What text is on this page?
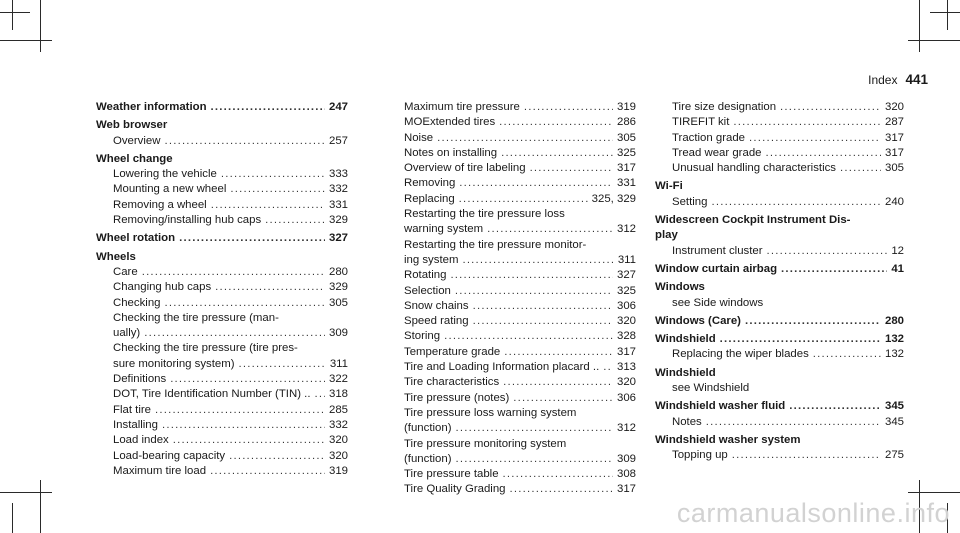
Index 441
Weather information .....	247
Web browser
Overview .....	257
Wheel change
Lowering the vehicle .....	333
Mounting a new wheel .....	332
Removing a wheel .....	331
Removing/installing hub caps .....	329
Wheel rotation .....	327
Wheels
Care .....	280
Changing hub caps .....	329
Checking .....	305
Checking the tire pressure (man-
ually) .....	309
Checking the tire pressure (tire pres-
sure monitoring system) .....	311
Definitions .....	322
DOT, Tire Identification Number (TIN) .. ..... 318
Flat tire .....	285
Installing .....	332
Load index .....	320
Load-bearing capacity .....	320
Maximum tire load .....	319
Maximum tire pressure .....	319
MOExtended tires .....	286
Noise .....	305
Notes on installing .....	325
Overview of tire labeling .....	317
Removing .....	331
Replacing .....	325, 329
Restarting the tire pressure loss
warning system .....	312
Restarting the tire pressure monitor-
ing system .....	311
Rotating .....	327
Selection .....	325
Snow chains .....	306
Speed rating .....	320
Storing .....	328
Temperature grade .....	317
Tire and Loading Information placard .. ..... 313
Tire characteristics .....	320
Tire pressure (notes) .....	306
Tire pressure loss warning system
(function) .....	312
Tire pressure monitoring system
(function) .....	309
Tire pressure table .....	308
Tire Quality Grading .....	317
Tire size designation .....	320
TIREFIT kit .....	287
Traction grade .....	317
Tread wear grade .....	317
Unusual handling characteristics .....	305
Wi-Fi
Setting .....	240
Widescreen Cockpit Instrument Dis-
play
Instrument cluster .....	12
Window curtain airbag .....	41
Windows
see Side windows
Windows (Care) .....	280
Windshield .....	132
Replacing the wiper blades .....	132
Windshield
see Windshield
Windshield washer fluid .....	345
Notes .....	345
Windshield washer system
Topping up .....	275
carmanualsonline.info
